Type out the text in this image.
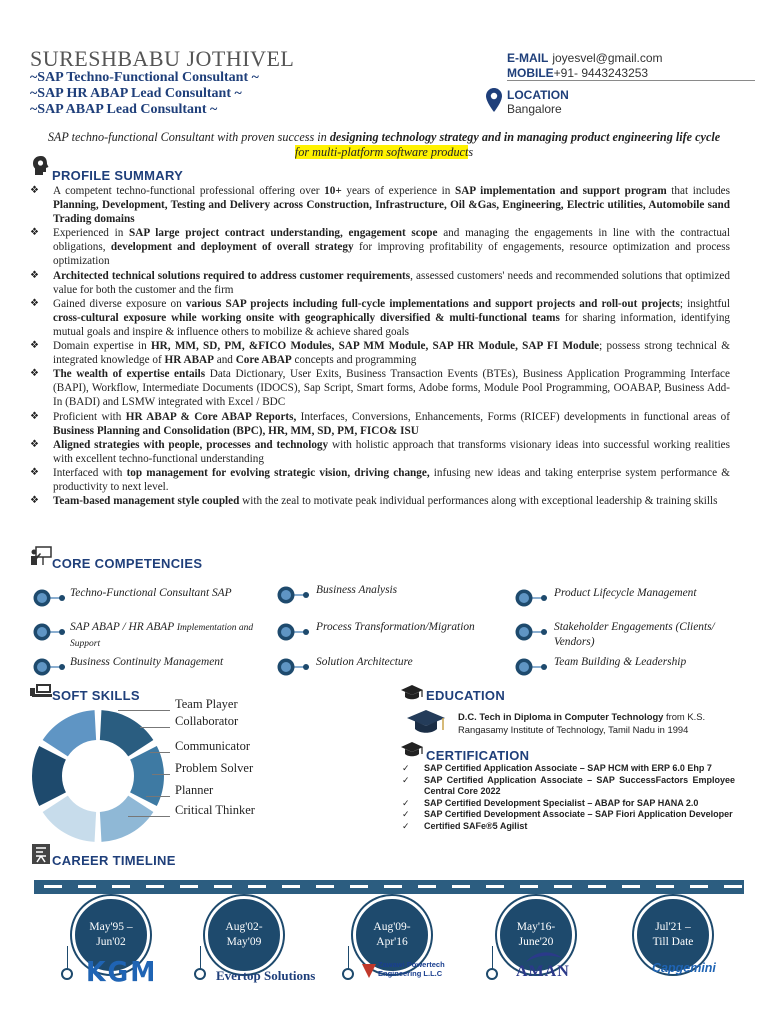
SURESHBABU JOTHIVEL
~SAP Techno-Functional Consultant ~
~SAP HR ABAP Lead Consultant ~
~SAP ABAP Lead Consultant ~
E-MAIL joyesvel@gmail.com
MOBILE+91- 9443243253
LOCATION
Bangalore
SAP techno-functional Consultant with proven success in designing technology strategy and in managing product engineering life cycle for multi-platform software products
PROFILE SUMMARY
❖ A competent techno-functional professional offering over 10+ years of experience in SAP implementation and support program that includes Planning, Development, Testing and Delivery across Construction, Infrastructure, Oil &Gas, Engineering, Electric utilities, Automobile sand Trading domains
❖ Experienced in SAP large project contract understanding, engagement scope and managing the engagements in line with the contractual obligations, development and deployment of overall strategy for improving profitability of engagements, resource optimization and process optimization
❖ Architected technical solutions required to address customer requirements, assessed customers' needs and recommended solutions that optimized value for both the customer and the firm
❖ Gained diverse exposure on various SAP projects including full-cycle implementations and support projects and roll-out projects; insightful cross-cultural exposure while working onsite with geographically diversified & multi-functional teams for sharing information, identifying mutual goals and inspire & influence others to mobilize & achieve shared goals
❖ Domain expertise in HR, MM, SD, PM, &FICO Modules, SAP MM Module, SAP HR Module, SAP FI Module; possess strong technical & integrated knowledge of HR ABAP and Core ABAP concepts and programming
❖ The wealth of expertise entails Data Dictionary, User Exits, Business Transaction Events (BTEs), Business Application Programming Interface (BAPI), Workflow, Intermediate Documents (IDOCS), Sap Script, Smart forms, Adobe forms, Module Pool Programming, OOABAP, Business Add-In (BADI) and LSMW integrated with Excel / BDC
❖ Proficient with HR ABAP & Core ABAP Reports, Interfaces, Conversions, Enhancements, Forms (RICEF) developments in functional areas of Business Planning and Consolidation (BPC), HR, MM, SD, PM, FICO& ISU
❖ Aligned strategies with people, processes and technology with holistic approach that transforms visionary ideas into successful working realities with excellent techno-functional understanding
❖ Interfaced with top management for evolving strategic vision, driving change, infusing new ideas and taking enterprise system performance & productivity to next level.
❖ Team-based management style coupled with the zeal to motivate peak individual performances along with exceptional leadership & training skills
CORE COMPETENCIES
Techno-Functional Consultant SAP
SAP ABAP / HR ABAP Implementation and Support
Business Continuity Management
Business Analysis
Process Transformation/Migration
Solution Architecture
Product Lifecycle Management
Stakeholder Engagements (Clients/ Vendors)
Team Building & Leadership
SOFT SKILLS
Team Player
Collaborator
Communicator
Problem Solver
Planner
Critical Thinker
EDUCATION
D.C. Tech in Diploma in Computer Technology from K.S.
Rangasamy Institute of Technology, Tamil Nadu in 1994
CERTIFICATION
✓ SAP Certified Application Associate – SAP HCM with ERP 6.0 Ehp 7
✓ SAP Certified Application Associate – SAP SuccessFactors Employee Central Core 2022
✓ SAP Certified Development Specialist – ABAP for SAP HANA 2.0
✓ SAP Certified Development Associate – SAP Fiori Application Developer
✓ Certified SAFe®5 Agilist
CAREER TIMELINE
May'95 –
Jun'02
Aug'02-
May'09
Aug'09-
Apr'16
May'16-
June'20
Jul'21 –
Till Date
KGM	Evertop Solutions
Zawawi Powertech Engineering L.L.C	AMAN	Capgemini
